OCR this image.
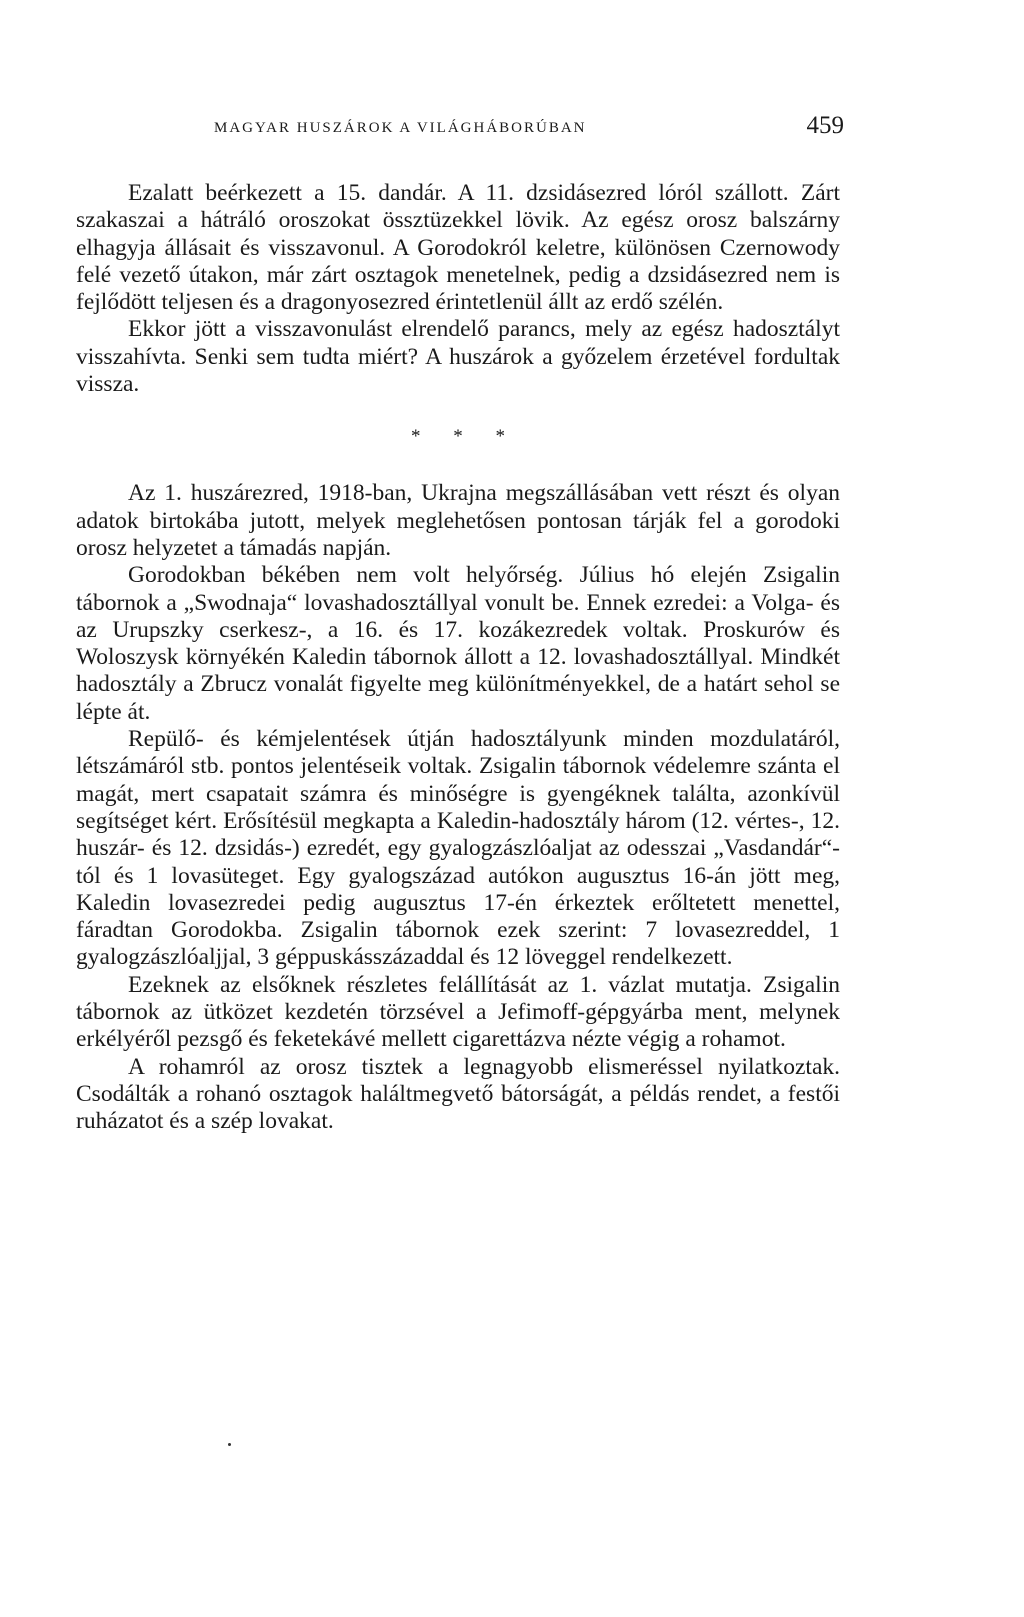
MAGYAR HUSZÁROK A VILÁGHÁBORÚBAN	459

Ezalatt beérkezett a 15. dandár. A 11. dzsidásezred lóról szállott. Zárt szakaszai a hátráló oroszokat össztüzekkel lövik. Az egész orosz balszárny elhagyja állásait és visszavonul. A Gorodokról keletre, különösen Czernowody felé vezető útakon, már zárt osztagok menetelnek, pedig a dzsidásezred nem is fejlődött teljesen és a dragonyosezred érintetlenül állt az erdő szélén.

Ekkor jött a visszavonulást elrendelő parancs, mely az egész hadosztályt visszahívta. Senki sem tudta miért? A huszárok a győzelem érzetével fordultak vissza.

* * *

Az 1. huszárezred, 1918-ban, Ukrajna megszállásában vett részt és olyan adatok birtokába jutott, melyek meglehetősen pontosan tárják fel a gorodoki orosz helyzetet a támadás napján.

Gorodokban békében nem volt helyőrség. Július hó elején Zsigalin tábornok a „Swodnaja“ lovashadosztállyal vonult be. Ennek ezredei: a Volga- és az Urupszky cserkesz-, a 16. és 17. kozákezredek voltak. Proskurów és Woloszysk környékén Kaledin tábornok állott a 12. lovashadosztállyal. Mindkét hadosztály a Zbrucz vonalát figyelte meg különítményekkel, de a határt sehol se lépte át.

Repülő- és kémjelentések útján hadosztályunk minden mozdulatáról, létszámáról stb. pontos jelentéseik voltak. Zsigalin tábornok védelemre szánta el magát, mert csapatait számra és minőségre is gyengéknek találta, azonkívül segítséget kért. Erősítésül megkapta a Kaledin-hadosztály három (12. vértes-, 12. huszár- és 12. dzsidás-) ezredét, egy gyalogzászlóaljat az odesszai „Vasdandár“-tól és 1 lovasüteget. Egy gyalogszázad autókon augusztus 16-án jött meg, Kaledin lovasezredei pedig augusztus 17-én érkeztek erőltetett menettel, fáradtan Gorodokba. Zsigalin tábornok ezek szerint: 7 lovasezreddel, 1 gyalogzászlóaljjal, 3 géppuskásszázaddal és 12 löveggel rendelkezett.

Ezeknek az elsőknek részletes felállítását az 1. vázlat mutatja. Zsigalin tábornok az ütközet kezdetén törzsével a Jefimoff-gépgyárba ment, melynek erkélyéről pezsgő és feketekávé mellett cigarettázva nézte végig a rohamot.

A rohamról az orosz tisztek a legnagyobb elismeréssel nyilatkoztak. Csodálták a rohanó osztagok haláltmegvető bátorságát, a példás rendet, a festői ruházatot és a szép lovakat.
